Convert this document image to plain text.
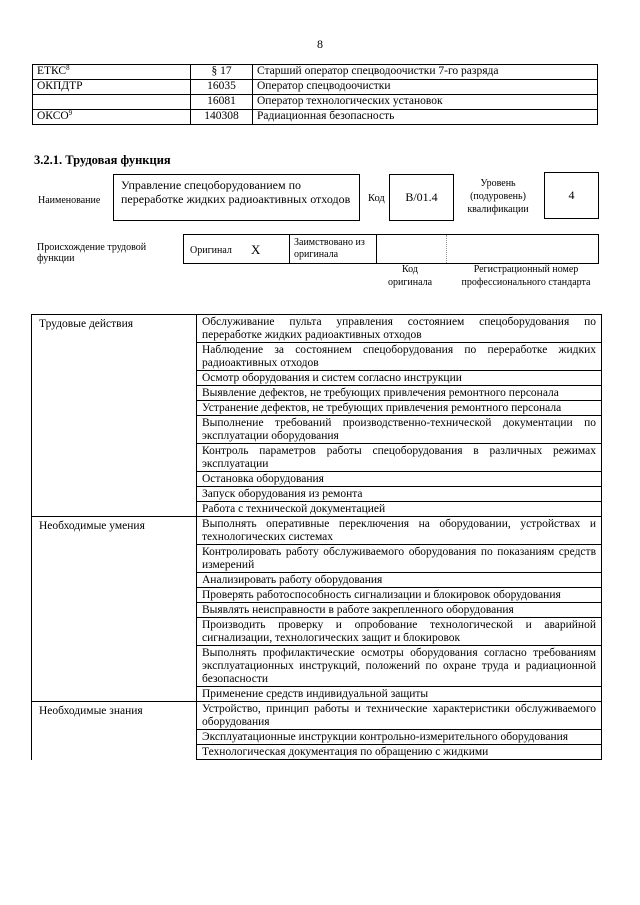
8
ЕТКС$^8$	§ 17	Старший оператор спецводоочистки 7-го разряда
ОКПДТР	16035	Оператор спецводоочистки
	16081	Оператор технологических установок
ОКСО$^9$	140308	Радиационная безопасность
3.2.1. Трудовая функция
Наименование
Управление спецоборудованием по переработке жидких радиоактивных отходов	Код	B/01.4
Уровень (подуровень) квалификации
4
Происхождение трудовой функции
Оригинал X	Заимствовано из оригинала
Код оригинала
Регистрационный номер профессионального стандарта
Трудовые действия	Обслуживание пульта управления состоянием спецоборудования по переработке жидких радиоактивных отходов
	Наблюдение за состоянием спецоборудования по переработке жидких радиоактивных отходов
	Осмотр оборудования и систем согласно инструкции
	Выявление дефектов, не требующих привлечения ремонтного персонала
	Устранение дефектов, не требующих привлечения ремонтного персонала
	Выполнение требований производственно-технической документации по эксплуатации оборудования
	Контроль параметров работы спецоборудования в различных режимах эксплуатации
	Остановка оборудования
	Запуск оборудования из ремонта
	Работа с технической документацией
Необходимые умения	Выполнять оперативные переключения на оборудовании, устройствах и технологических системах
	Контролировать работу обслуживаемого оборудования по показаниям средств измерений
	Анализировать работу оборудования
	Проверять работоспособность сигнализации и блокировок оборудования
	Выявлять неисправности в работе закрепленного оборудования
	Производить проверку и опробование технологической и аварийной сигнализации, технологических защит и блокировок
	Выполнять профилактические осмотры оборудования согласно требованиям эксплуатационных инструкций, положений по охране труда и радиационной безопасности
	Применение средств индивидуальной защиты
Необходимые знания	Устройство, принцип работы и технические характеристики обслуживаемого оборудования
	Эксплуатационные инструкции контрольно-измерительного оборудования
	Технологическая документация по обращению с жидкими
